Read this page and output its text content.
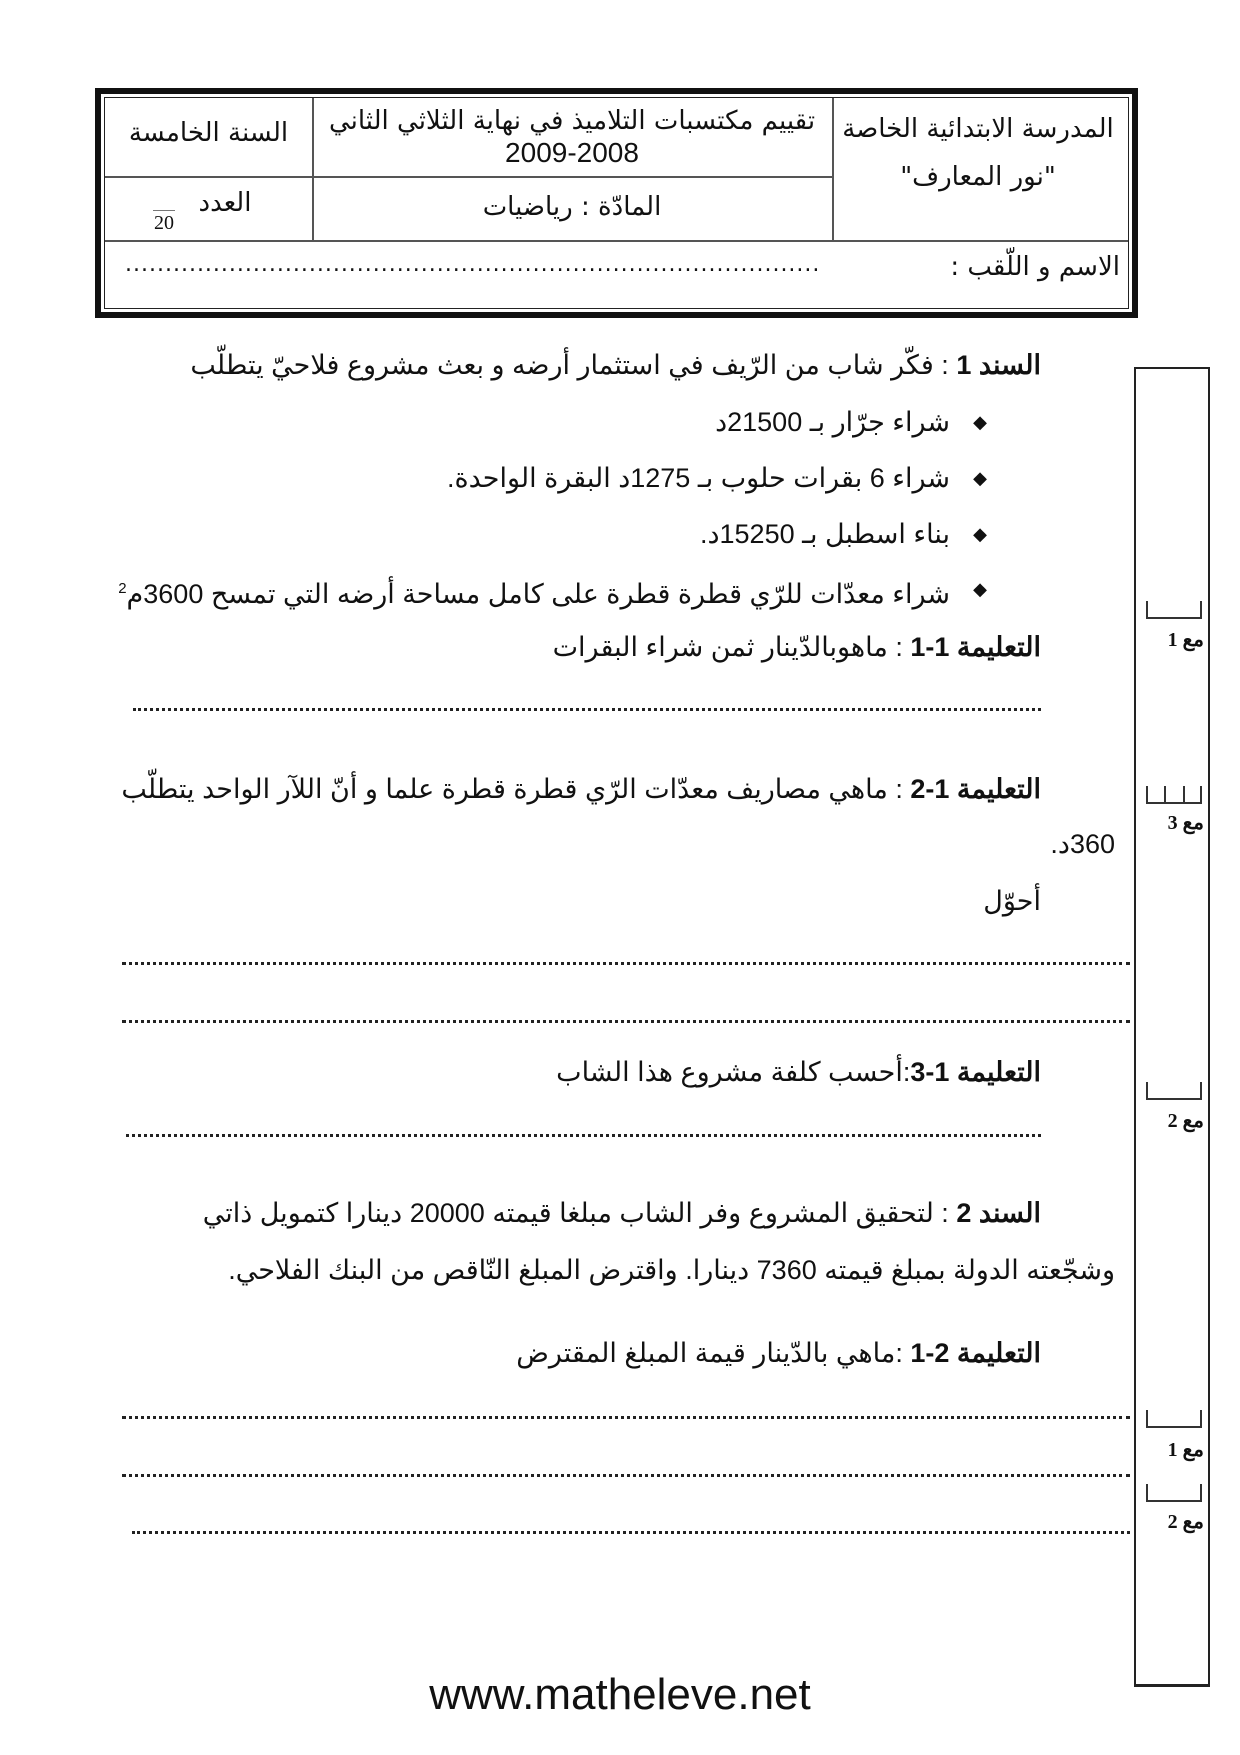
المدرسة الابتدائية الخاصة
"نور المعارف"
تقييم مكتسبات التلاميذ في نهاية الثلاثي الثاني
2009-2008
المادّة : رياضيات
السنة الخامسة
العدد
20
الاسم و اللّقب :
.......................................................................................
السند 1 : فكّر شاب من الرّيف في استثمار أرضه و بعث مشروع فلاحيّ يتطلّب
◆
شراء جرّار بـ 21500د
◆
شراء 6 بقرات حلوب بـ 1275د البقرة الواحدة.
◆
بناء اسطبل بـ 15250د.
◆
شراء معدّات للرّي قطرة قطرة على كامل مساحة أرضه التي تمسح 3600م$^2$
التعليمة 1-1 : ماهوبالدّينار ثمن شراء البقرات
التعليمة 1-2 : ماهي مصاريف معدّات الرّي قطرة قطرة علما و أنّ اللآر الواحد يتطلّب
360د.
أحوّل
التعليمة 1-3:أحسب كلفة مشروع هذا الشاب
السند 2 : لتحقيق المشروع وفر الشاب مبلغا قيمته 20000 دينارا كتمويل ذاتي
وشجّعته الدولة بمبلغ قيمته 7360 دينارا. واقترض المبلغ النّاقص من البنك الفلاحي.
التعليمة 2-1 :ماهي بالدّينار قيمة المبلغ المقترض
مع 1
مع 3
مع 2
مع 1
مع 2
www.matheleve.net
